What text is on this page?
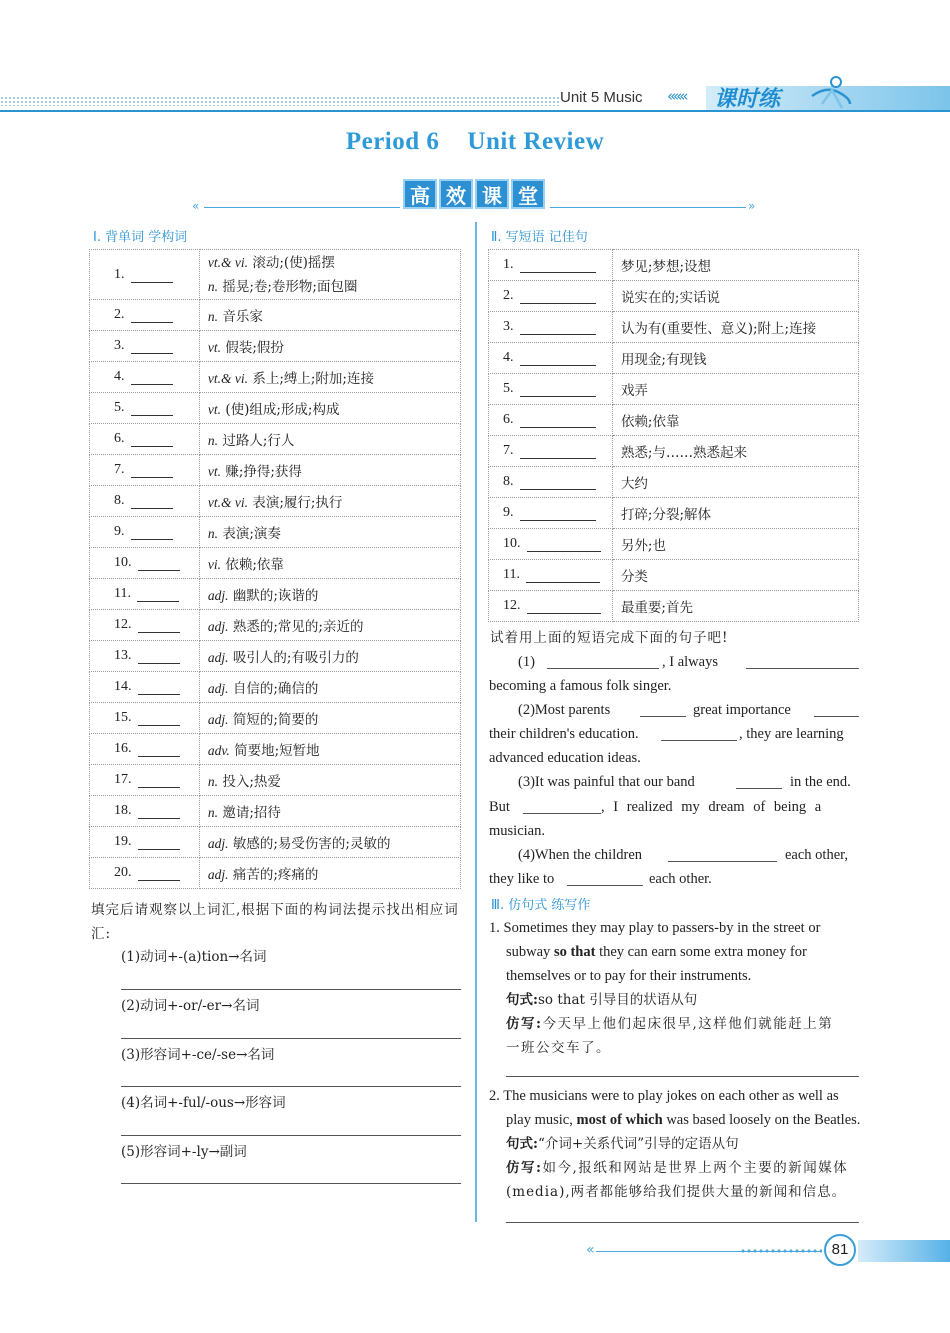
Unit 5 Music ««« 课时练
Period 6 Unit Review
高 效 课 堂
«	»
Ⅰ. 背单词 学构词
1.	vt.& vi. 滚动;(使)摇摆
n. 摇晃;卷;卷形物;面包圈
2.	n. 音乐家
3.	vt. 假装;假扮
4.	vt.& vi. 系上;缚上;附加;连接
5.	vt. (使)组成;形成;构成
6.	n. 过路人;行人
7.	vt. 赚;挣得;获得
8.	vt.& vi. 表演;履行;执行
9.	n. 表演;演奏
10.	vi. 依赖;依靠
11.	adj. 幽默的;诙谐的
12.	adj. 熟悉的;常见的;亲近的
13.	adj. 吸引人的;有吸引力的
14.	adj. 自信的;确信的
15.	adj. 简短的;简要的
16.	adv. 简要地;短暂地
17.	n. 投入;热爱
18.	n. 邀请;招待
19.	adj. 敏感的;易受伤害的;灵敏的
20.	adj. 痛苦的;疼痛的
填完后请观察以上词汇,根据下面的构词法提示找出相应词汇:
(1)动词+-(a)tion→名词
(2)动词+-or/-er→名词
(3)形容词+-ce/-se→名词
(4)名词+-ful/-ous→形容词
(5)形容词+-ly→副词
Ⅱ. 写短语 记佳句
1.	梦见;梦想;设想
2.	说实在的;实话说
3.	认为有(重要性、意义);附上;连接
4.	用现金;有现钱
5.	戏弄
6.	依赖;依靠
7.	熟悉;与……熟悉起来
8.	大约
9.	打碎;分裂;解体
10.	另外;也
11.	分类
12.	最重要;首先
试着用上面的短语完成下面的句子吧!
(1)	, I always
becoming a famous folk singer.
(2)Most parents	great importance
their children's education.	, they are learning
advanced education ideas.
(3)It was painful that our band	in the end.
But	, I realized my dream of being a
musician.
(4)When the children	each other,
they like to	each other.
Ⅲ. 仿句式 练写作
1. Sometimes they may play to passers-by in the street or
subway so that they can earn some extra money for
themselves or to pay for their instruments.
句式:so that 引导目的状语从句
仿写:今天早上他们起床很早,这样他们就能赶上第
一班公交车了。
2. The musicians were to play jokes on each other as well as
play music, most of which was based loosely on the Beatles.
句式:“介词+关系代词”引导的定语从句
仿写:如今,报纸和网站是世界上两个主要的新闻媒体
(media),两者都能够给我们提供大量的新闻和信息。
«	81
